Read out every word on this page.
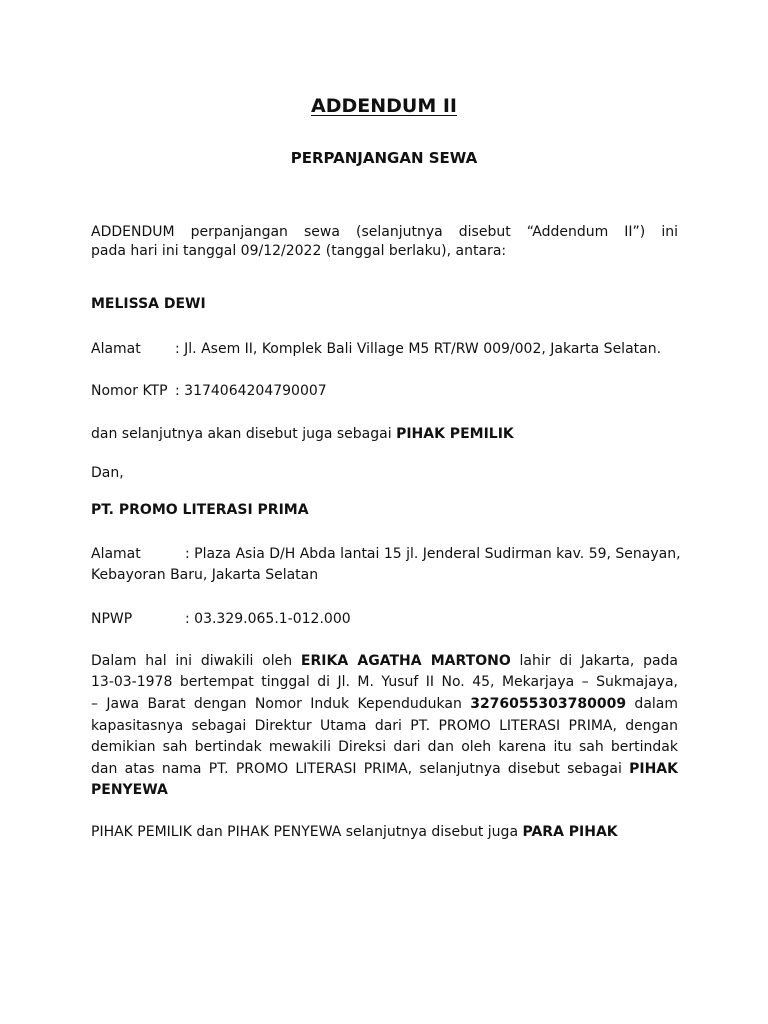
ADDENDUM II
PERPANJANGAN SEWA
ADDENDUM perpanjangan sewa (selanjutnya disebut “Addendum II”) ini
pada hari ini tanggal 09/12/2022 (tanggal berlaku), antara:
MELISSA DEWI
Alamat : Jl. Asem II, Komplek Bali Village M5 RT/RW 009/002, Jakarta Selatan.
Nomor KTP : 3174064204790007
dan selanjutnya akan disebut juga sebagai PIHAK PEMILIK
Dan,
PT. PROMO LITERASI PRIMA
Alamat	: Plaza Asia D/H Abda lantai 15 jl. Jenderal Sudirman kav. 59, Senayan,
Kebayoran Baru, Jakarta Selatan
NPWP	: 03.329.065.1-012.000
Dalam hal ini diwakili oleh ERIKA AGATHA MARTONO lahir di Jakarta, pada
13-03-1978 bertempat tinggal di Jl. M. Yusuf II No. 45, Mekarjaya – Sukmajaya,
– Jawa Barat dengan Nomor Induk Kependudukan 3276055303780009 dalam
kapasitasnya sebagai Direktur Utama dari PT. PROMO LITERASI PRIMA, dengan
demikian sah bertindak mewakili Direksi dari dan oleh karena itu sah bertindak
dan atas nama PT. PROMO LITERASI PRIMA, selanjutnya disebut sebagai PIHAK
PENYEWA
PIHAK PEMILIK dan PIHAK PENYEWA selanjutnya disebut juga PARA PIHAK
